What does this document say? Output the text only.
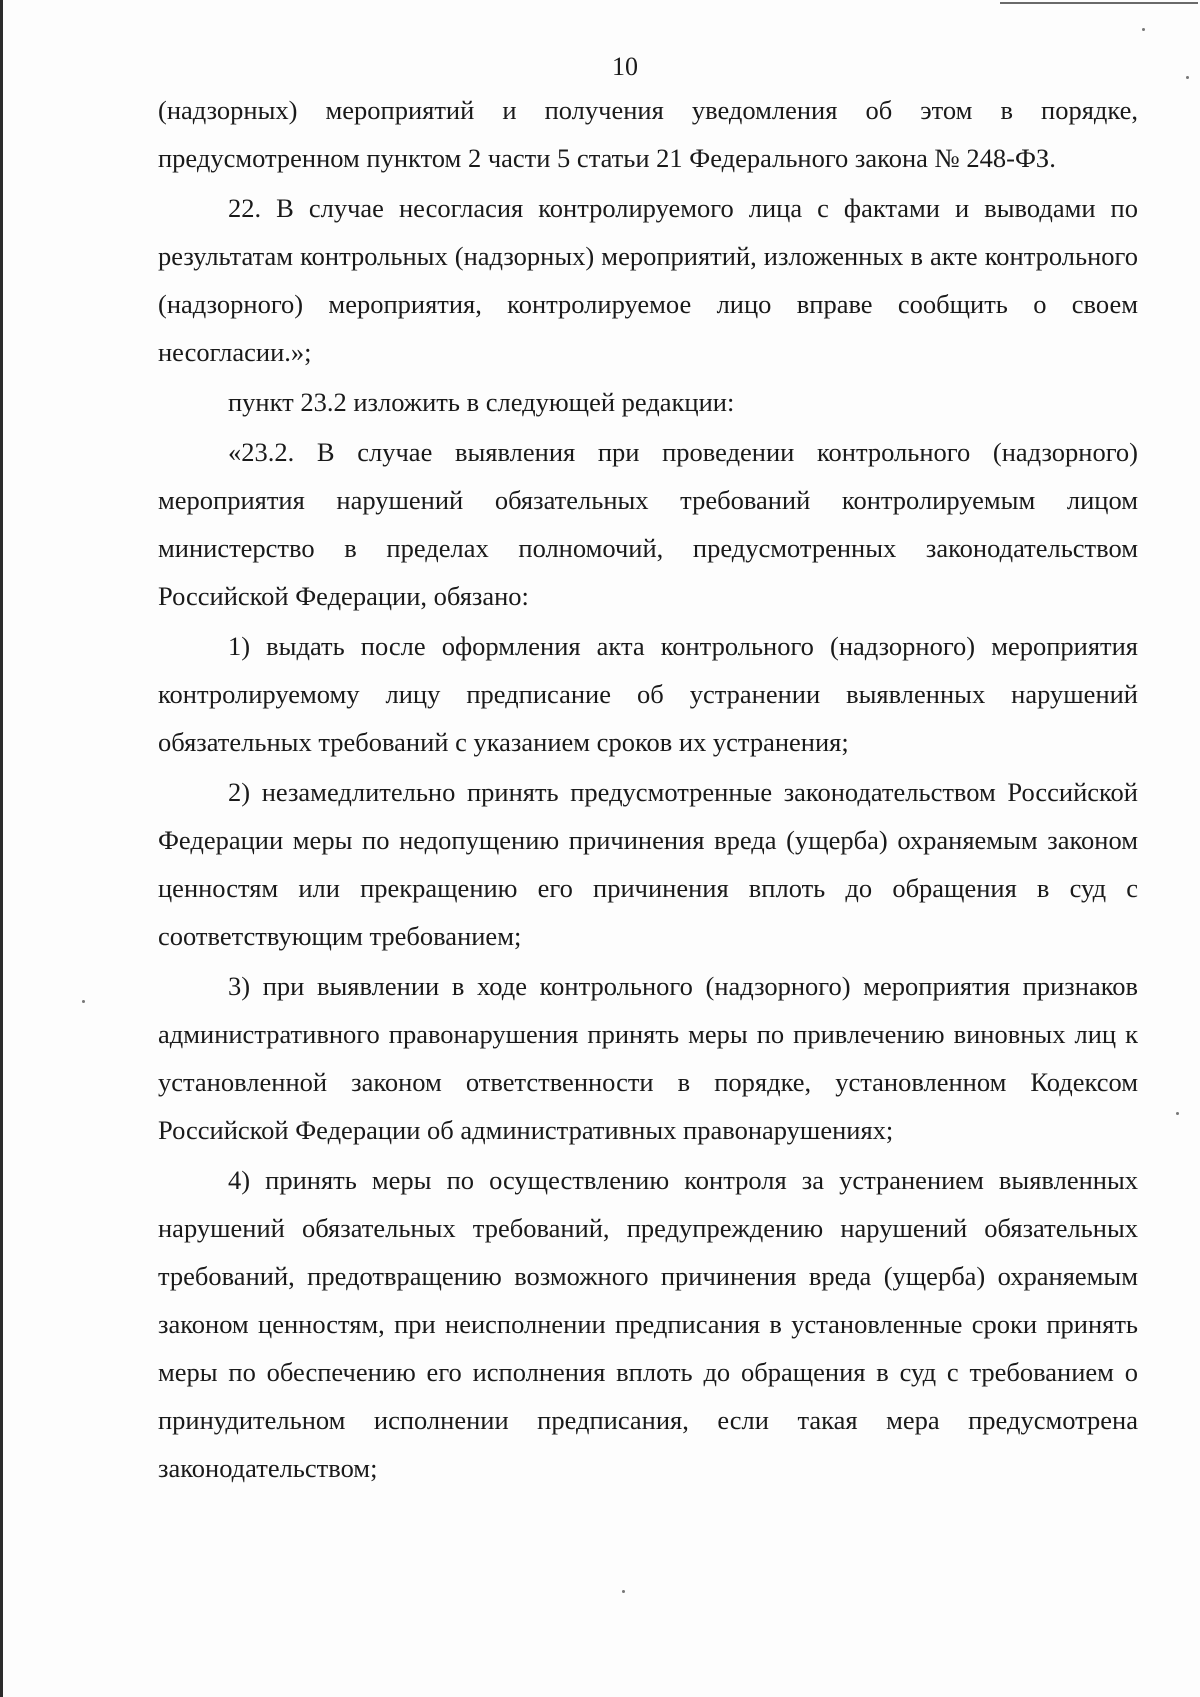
10

(надзорных) мероприятий и получения уведомления об этом в порядке, предусмотренном пунктом 2 части 5 статьи 21 Федерального закона № 248-ФЗ.

22. В случае несогласия контролируемого лица с фактами и выводами по результатам контрольных (надзорных) мероприятий, изложенных в акте контрольного (надзорного) мероприятия, контролируемое лицо вправе сообщить о своем несогласии.»;

пункт 23.2 изложить в следующей редакции:

«23.2. В случае выявления при проведении контрольного (надзорного) мероприятия нарушений обязательных требований контролируемым лицом министерство в пределах полномочий, предусмотренных законодательством Российской Федерации, обязано:

1) выдать после оформления акта контрольного (надзорного) мероприятия контролируемому лицу предписание об устранении выявленных нарушений обязательных требований с указанием сроков их устранения;

2) незамедлительно принять предусмотренные законодательством Российской Федерации меры по недопущению причинения вреда (ущерба) охраняемым законом ценностям или прекращению его причинения вплоть до обращения в суд с соответствующим требованием;

3) при выявлении в ходе контрольного (надзорного) мероприятия признаков административного правонарушения принять меры по привлечению виновных лиц к установленной законом ответственности в порядке, установленном Кодексом Российской Федерации об административных правонарушениях;

4) принять меры по осуществлению контроля за устранением выявленных нарушений обязательных требований, предупреждению нарушений обязательных требований, предотвращению возможного причинения вреда (ущерба) охраняемым законом ценностям, при неисполнении предписания в установленные сроки принять меры по обеспечению его исполнения вплоть до обращения в суд с требованием о принудительном исполнении предписания, если такая мера предусмотрена законодательством;
